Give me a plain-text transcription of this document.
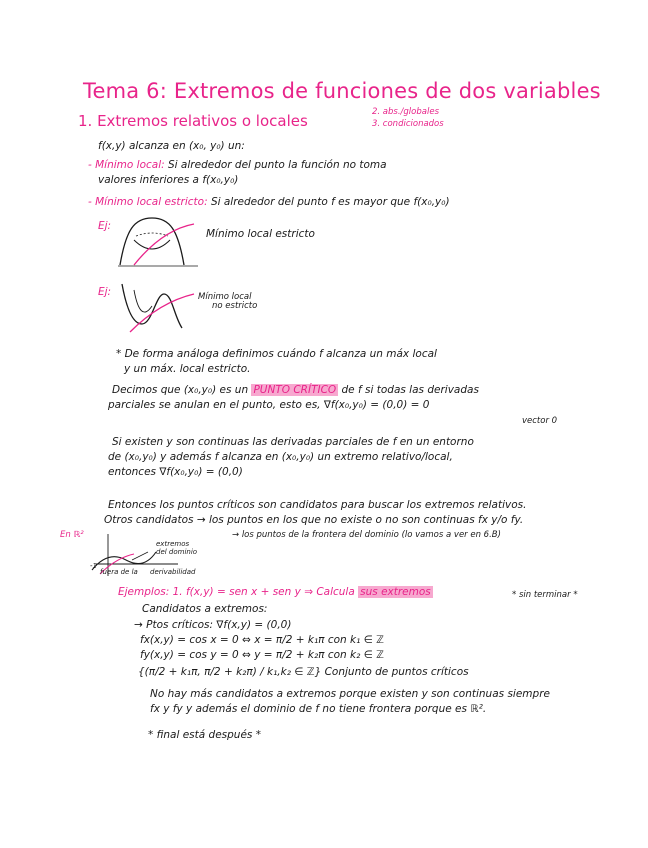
Tema 6: Extremos de funciones de dos variables
1. Extremos relativos o locales	2. abs./globales
3. condicionados
f(x,y) alcanza en (x₀, y₀) un:
- Mínimo local: Si alrededor del punto la función no toma
valores inferiores a f(x₀,y₀)
- Mínimo local estricto: Si alrededor del punto f es mayor que f(x₀,y₀)
Ej:
Mínimo local estricto
Ej:	Mínimo local
no estricto
* De forma análoga definimos cuándo f alcanza un máx local
y un máx. local estricto.
Decimos que (x₀,y₀) es un PUNTO CRÍTICO de f si todas las derivadas
parciales se anulan en el punto, esto es, ∇f(x₀,y₀) = (0,0) = 0
vector 0
Si existen y son continuas las derivadas parciales de f en un entorno
de (x₀,y₀) y además f alcanza en (x₀,y₀) un extremo relativo/local,
entonces ∇f(x₀,y₀) = (0,0)
Entonces los puntos críticos son candidatos para buscar los extremos relativos.
Otros candidatos → los puntos en los que no existe o no son continuas fx y/o fy.
→ los puntos de la frontera del dominio (lo vamos a ver en 6.B)
En ℝ²
extremos
del dominio
fuera de la derivabilidad
-1
Ejemplos: 1. f(x,y) = sen x + sen y ⇒ Calcula sus extremos	* sin terminar *
Candidatos a extremos:
→ Ptos críticos: ∇f(x,y) = (0,0)
fx(x,y) = cos x = 0 ⇔ x = π/2 + k₁π con k₁ ∈ ℤ
fy(x,y) = cos y = 0 ⇔ y = π/2 + k₂π con k₂ ∈ ℤ
{(π/2 + k₁π, π/2 + k₂π) / k₁,k₂ ∈ ℤ} Conjunto de puntos críticos
No hay más candidatos a extremos porque existen y son continuas siempre
fx y fy y además el dominio de f no tiene frontera porque es ℝ².
* final está después *
